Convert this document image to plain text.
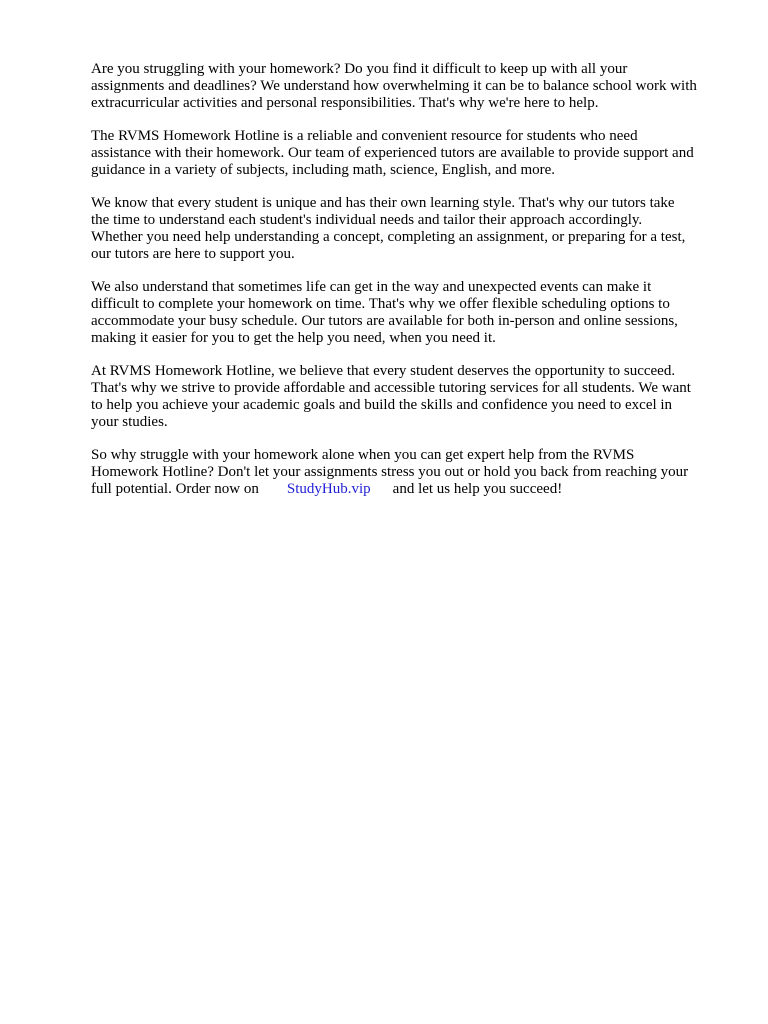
Are you struggling with your homework? Do you find it difficult to keep up with all your
assignments and deadlines? We understand how overwhelming it can be to balance school work with
extracurricular activities and personal responsibilities. That's why we're here to help.

The RVMS Homework Hotline is a reliable and convenient resource for students who need
assistance with their homework. Our team of experienced tutors are available to provide support and
guidance in a variety of subjects, including math, science, English, and more.

We know that every student is unique and has their own learning style. That's why our tutors take
the time to understand each student's individual needs and tailor their approach accordingly.
Whether you need help understanding a concept, completing an assignment, or preparing for a test,
our tutors are here to support you.

We also understand that sometimes life can get in the way and unexpected events can make it
difficult to complete your homework on time. That's why we offer flexible scheduling options to
accommodate your busy schedule. Our tutors are available for both in-person and online sessions,
making it easier for you to get the help you need, when you need it.

At RVMS Homework Hotline, we believe that every student deserves the opportunity to succeed.
That's why we strive to provide affordable and accessible tutoring services for all students. We want
to help you achieve your academic goals and build the skills and confidence you need to excel in
your studies.

So why struggle with your homework alone when you can get expert help from the RVMS
Homework Hotline? Don't let your assignments stress you out or hold you back from reaching your
full potential. Order now on StudyHub.vip and let us help you succeed!
